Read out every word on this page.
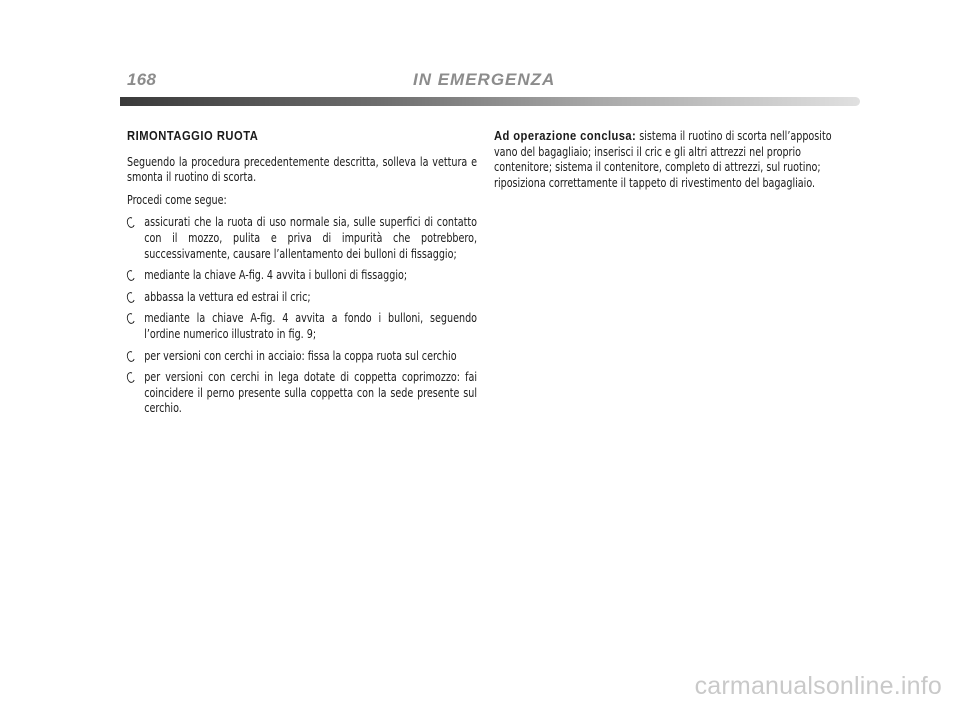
168	IN EMERGENZA
RIMONTAGGIO RUOTA

Seguendo la procedura precedentemente descritta, solleva la vettura e smonta il ruotino di scorta.

Procedi come segue:

assicurati che la ruota di uso normale sia, sulle superfici di contatto con il mozzo, pulita e priva di impurità che potrebbero, successivamente, causare l’allentamento dei bulloni di fissaggio;
mediante la chiave A-fig. 4 avvita i bulloni di fissaggio;
abbassa la vettura ed estrai il cric;
mediante la chiave A-fig. 4 avvita a fondo i bulloni, seguendo l’ordine numerico illustrato in fig. 9;
per versioni con cerchi in acciaio: fissa la coppa ruota sul cerchio
per versioni con cerchi in lega dotate di coppetta coprimozzo: fai coincidere il perno presente sulla coppetta con la sede presente sul cerchio.

Ad operazione conclusa: sistema il ruotino di scorta nell’apposito vano del bagagliaio; inserisci il cric e gli altri attrezzi nel proprio contenitore; sistema il contenitore, completo di attrezzi, sul ruotino; riposiziona correttamente il tappeto di rivestimento del bagagliaio.

carmanualsonline.info
